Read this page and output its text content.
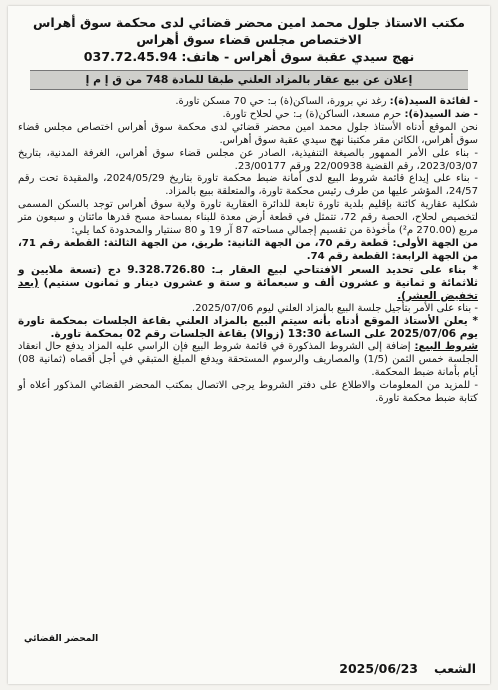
مكتب الاستاذ جلول محمد امين محضر قضائي لدى محكمة سوق أهراس
الاختصاص مجلس قضاء سوق أهراس
نهج سيدي عقبة سوق أهراس - هاتف: 037.72.45.94
إعلان عن بيع عقار بالمزاد العلني طبقا للمادة 748 من ق إ م إ

- لفائدة السيد(ة): رغد ني برورة، الساكن(ة) بـ: حي 70 مسكن تاورة.

- ضد السيد(ة): حرم مسعد، الساكن(ة) بـ: حي لحلاح تاورة.

نحن الموقع أدناه الأستاذ جلول محمد امين محضر قضائي لدى محكمة سوق أهراس اختصاص مجلس قضاء سوق أهراس، الكائن مقر مكتبنا نهج سيدي عقبة سوق أهراس.

- بناء على الأمر الممهور بالصيغة التنفيذية، الصادر عن مجلس قضاء سوق أهراس، الغرفة المدنية، بتاريخ 2023/03/07، رقم القضية 22/00938 ورقم 23/00177.

- بناء على إيداع قائمة شروط البيع لدى أمانة ضبط محكمة تاورة بتاريخ 2024/05/29، والمقيدة تحت رقم 24/57، المؤشر عليها من طرف رئيس محكمة تاورة، والمتعلقة ببيع بالمزاد.

شكلية عقارية كائنة بإقليم بلدية تاورة تابعة للدائرة العقارية تاورة ولاية سوق أهراس توجد بالسكن المسمى لتخصيص لحلاح، الحصة رقم 72، تتمثل في قطعة أرض معدة للبناء بمساحة مسح قدرها مائتان و سبعون متر مربع (270.00 م²) مأخوذة من تقسيم إجمالي مساحته 87 آر 19 و 80 سنتيار والمحدودة كما يلي:

من الجهة الأولى: قطعة رقم 70، من الجهة الثانية: طريق، من الجهة الثالثة: القطعة رقم 71، من الجهة الرابعة: القطعة رقم 74.

* بناء على تحديد السعر الافتتاحي لبيع العقار بـ: 9.328.726.80 دج (تسعة ملايين و ثلاثمائة و ثمانية و عشرون ألف و سبعمائة و ستة و عشرون دينار و ثمانون سنتيم) (بعد تخفيض العشر).

- بناء على الأمر بتأجيل جلسة البيع بالمزاد العلني ليوم 2025/07/06.

* يعلن الأستاذ الموقع أدناه بأنه سيتم البيع بالمزاد العلني بقاعة الجلسات بمحكمة تاورة يوم 2025/07/06 على الساعة 13:30 (زوالا) بقاعة الجلسات رقم 02 بمحكمة تاورة.

شروط البيع: إضافة إلى الشروط المذكورة في قائمة شروط البيع فإن الراسي عليه المزاد يدفع حال انعقاد الجلسة خمس الثمن (1/5) والمصاريف والرسوم المستحقة ويدفع المبلغ المتبقي في أجل أقصاه (ثمانية 08) أيام بأمانة ضبط المحكمة.

- للمزيد من المعلومات والاطلاع على دفتر الشروط يرجى الاتصال بمكتب المحضر القضائي المذكور أعلاه أو كتابة ضبط محكمة تاورة.

المحضر القضائي
الشعب
2025/06/23
